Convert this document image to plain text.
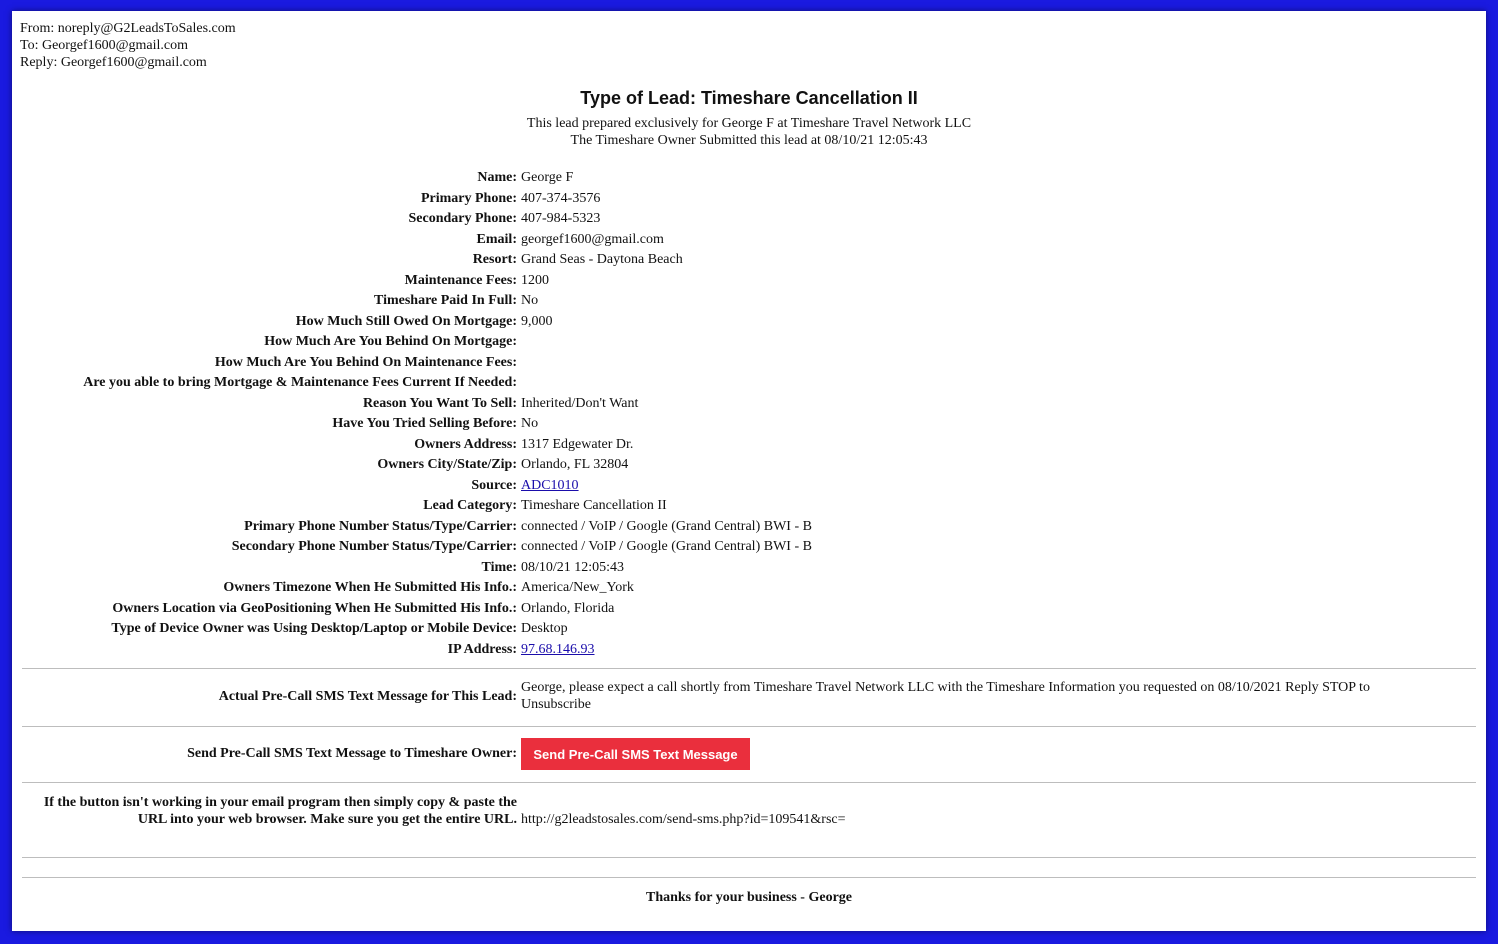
From: noreply@G2LeadsToSales.com
To: Georgef1600@gmail.com
Reply: Georgef1600@gmail.com
Type of Lead: Timeshare Cancellation II
This lead prepared exclusively for George F at Timeshare Travel Network LLC
The Timeshare Owner Submitted this lead at 08/10/21 12:05:43
Name: George F
Primary Phone: 407-374-3576
Secondary Phone: 407-984-5323
Email: georgef1600@gmail.com
Resort: Grand Seas - Daytona Beach
Maintenance Fees: 1200
Timeshare Paid In Full: No
How Much Still Owed On Mortgage: 9,000
How Much Are You Behind On Mortgage:
How Much Are You Behind On Maintenance Fees:
Are you able to bring Mortgage & Maintenance Fees Current If Needed:
Reason You Want To Sell: Inherited/Don't Want
Have You Tried Selling Before: No
Owners Address: 1317 Edgewater Dr.
Owners City/State/Zip: Orlando, FL 32804
Source: ADC1010
Lead Category: Timeshare Cancellation II
Primary Phone Number Status/Type/Carrier: connected / VoIP / Google (Grand Central) BWI - B
Secondary Phone Number Status/Type/Carrier: connected / VoIP / Google (Grand Central) BWI - B
Time: 08/10/21 12:05:43
Owners Timezone When He Submitted His Info.: America/New_York
Owners Location via GeoPositioning When He Submitted His Info.: Orlando, Florida
Type of Device Owner was Using Desktop/Laptop or Mobile Device: Desktop
IP Address: 97.68.146.93
Actual Pre-Call SMS Text Message for This Lead:
George, please expect a call shortly from Timeshare Travel Network LLC with the Timeshare Information you requested on 08/10/2021 Reply STOP to Unsubscribe
Send Pre-Call SMS Text Message to Timeshare Owner:	Send Pre-Call SMS Text Message
If the button isn't working in your email program then simply copy & paste the URL into your web browser. Make sure you get the entire URL. http://g2leadstosales.com/send-sms.php?id=109541&rsc=
Thanks for your business - George
